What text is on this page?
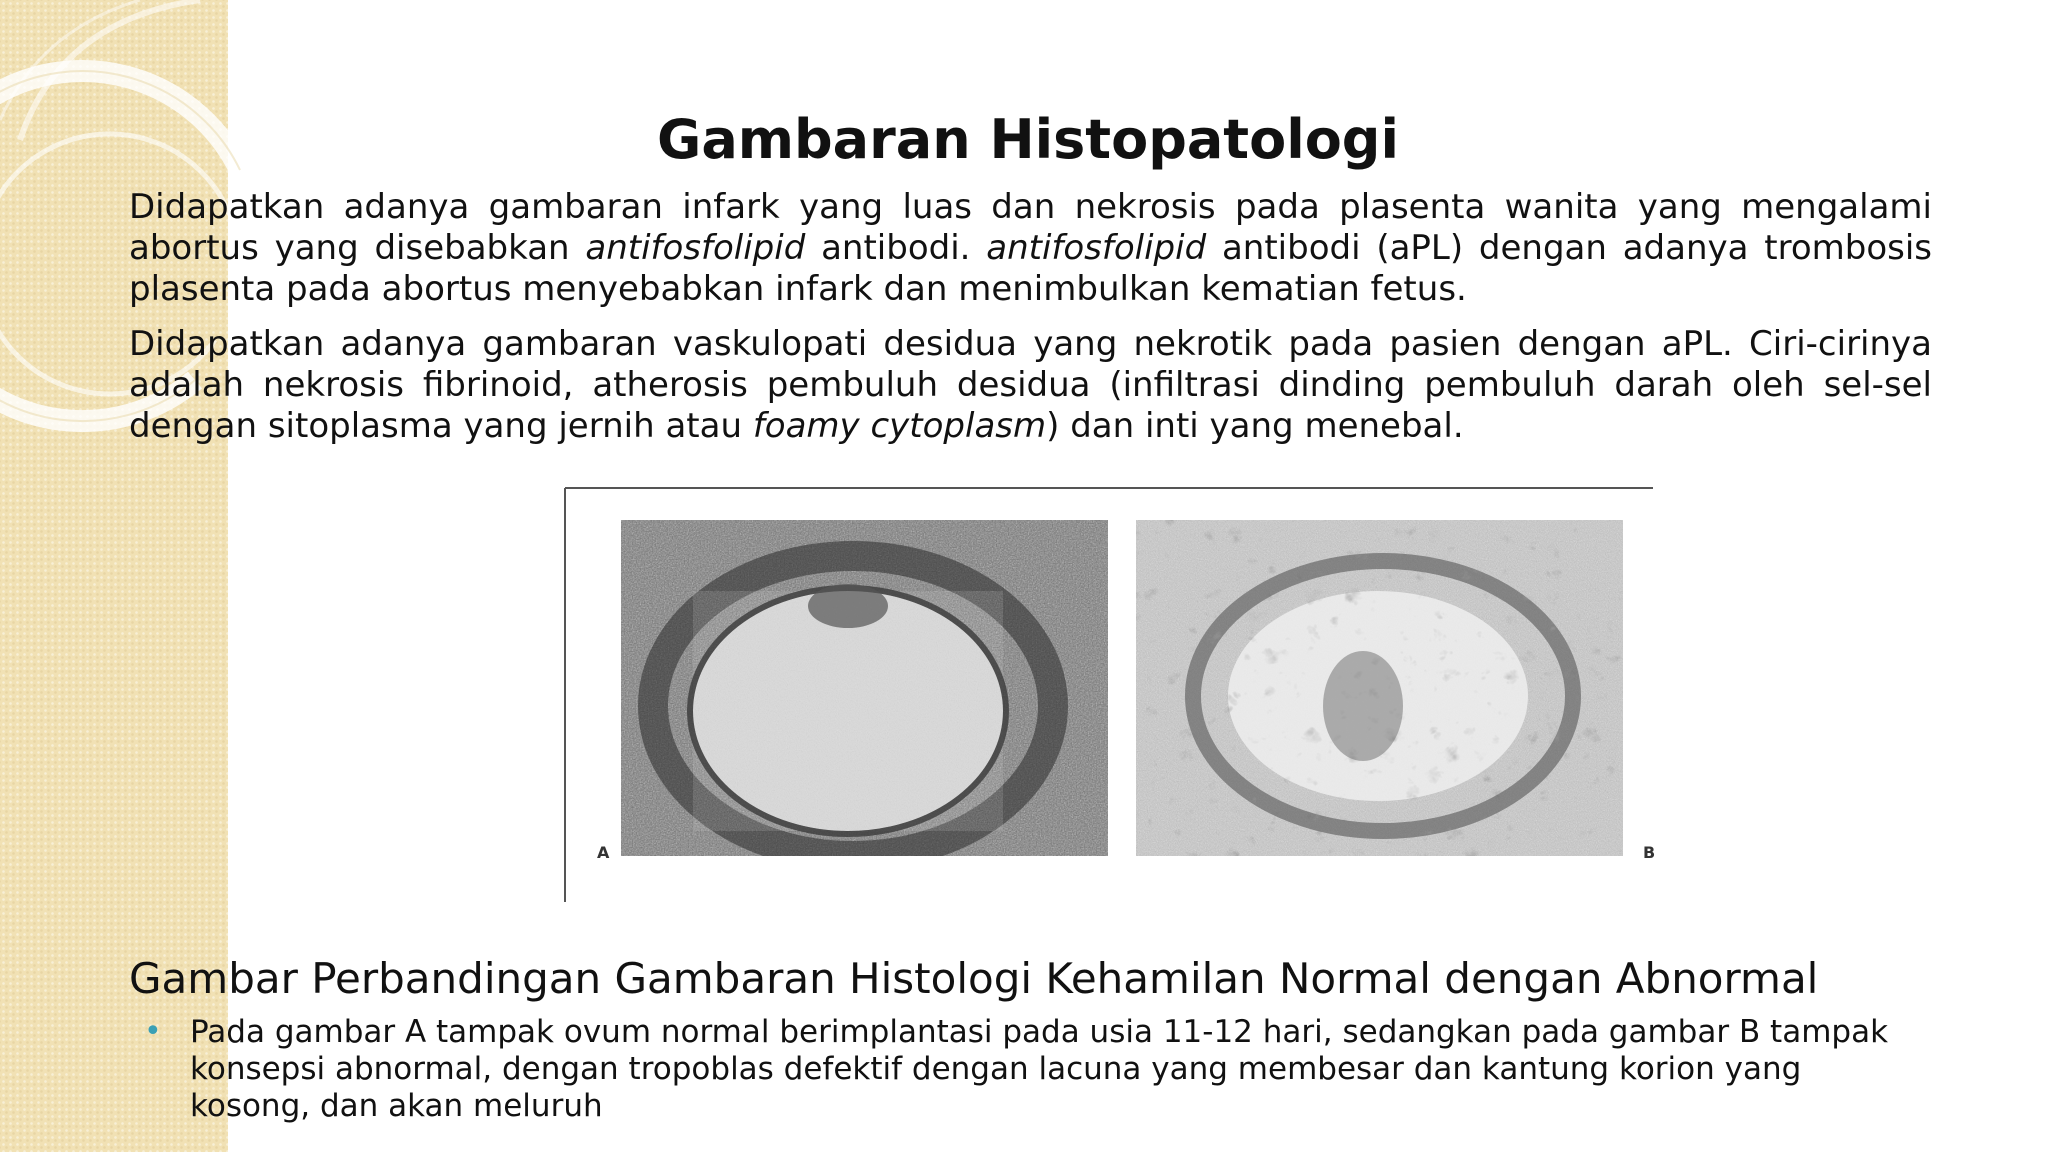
Gambaran Histopatologi

Didapatkan adanya gambaran infark yang luas dan nekrosis pada plasenta wanita yang mengalami abortus yang disebabkan antifosfolipid antibodi. antifosfolipid antibodi (aPL) dengan adanya trombosis plasenta pada abortus menyebabkan infark dan menimbulkan kematian fetus.

Didapatkan adanya gambaran vaskulopati desidua yang nekrotik pada pasien dengan aPL. Ciri-cirinya adalah nekrosis fibrinoid, atherosis pembuluh desidua (infiltrasi dinding pembuluh darah oleh sel-sel dengan sitoplasma yang jernih atau foamy cytoplasm) dan inti yang menebal.

A	B
Gambar Perbandingan Gambaran Histologi Kehamilan Normal dengan Abnormal
• Pada gambar A tampak ovum normal berimplantasi pada usia 11-12 hari, sedangkan pada gambar B tampak konsepsi abnormal, dengan tropoblas defektif dengan lacuna yang membesar dan kantung korion yang kosong, dan akan meluruh
